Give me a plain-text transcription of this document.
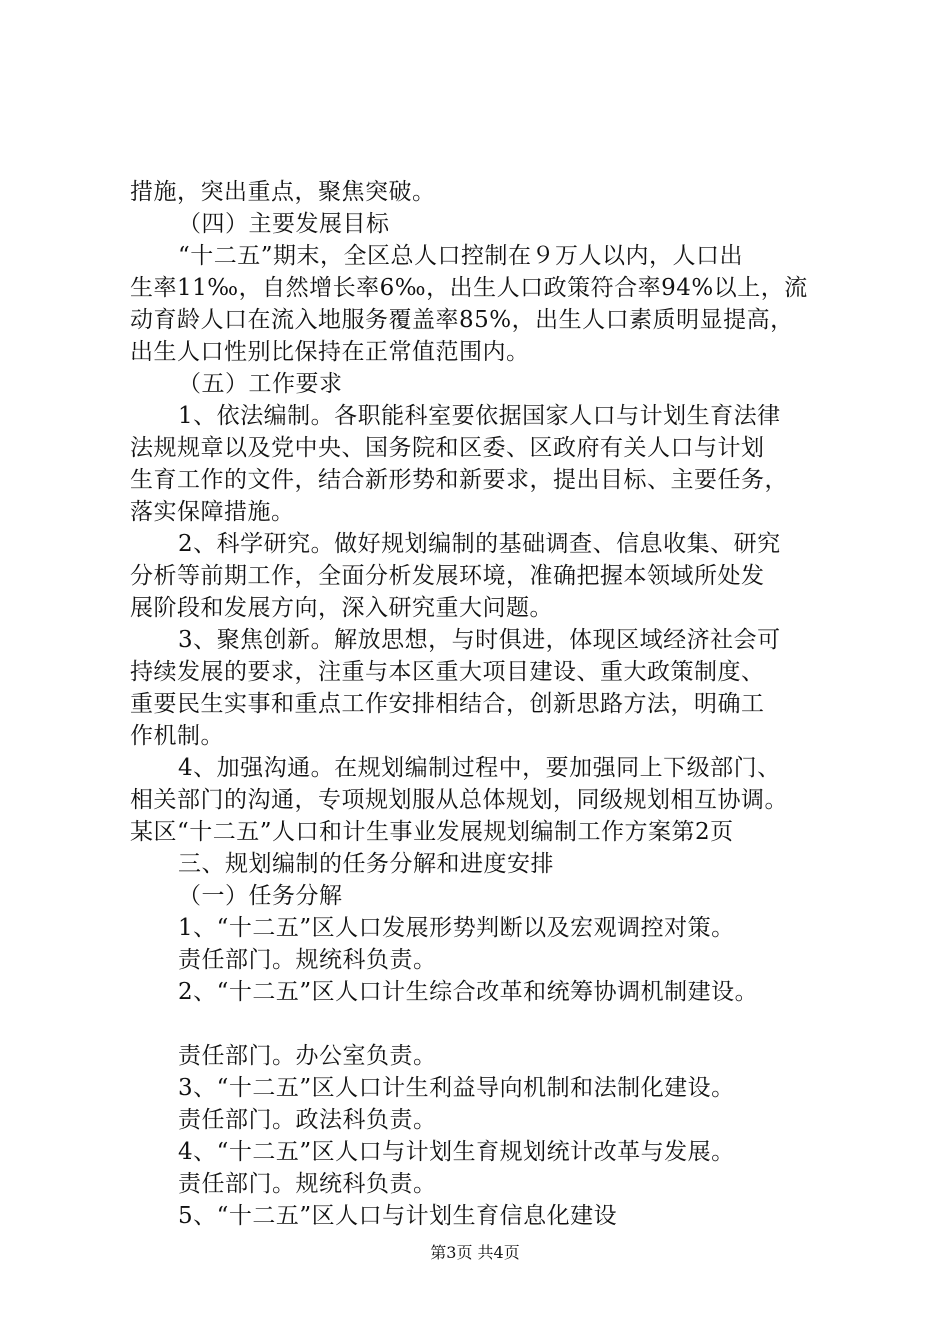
措施，突出重点，聚焦突破。
（四）主要发展目标
“十二五”期末，全区总人口控制在９万人以内，人口出
生率11‰，自然增长率6‰，出生人口政策符合率94%以上，流
动育龄人口在流入地服务覆盖率85%，出生人口素质明显提高，
出生人口性别比保持在正常值范围内。
（五）工作要求
1、依法编制。各职能科室要依据国家人口与计划生育法律
法规规章以及党中央、国务院和区委、区政府有关人口与计划
生育工作的文件，结合新形势和新要求，提出目标、主要任务，
落实保障措施。
2、科学研究。做好规划编制的基础调查、信息收集、研究
分析等前期工作，全面分析发展环境，准确把握本领域所处发
展阶段和发展方向，深入研究重大问题。
3、聚焦创新。解放思想，与时俱进，体现区域经济社会可
持续发展的要求，注重与本区重大项目建设、重大政策制度、
重要民生实事和重点工作安排相结合，创新思路方法，明确工
作机制。
4、加强沟通。在规划编制过程中，要加强同上下级部门、
相关部门的沟通，专项规划服从总体规划，同级规划相互协调。
某区“十二五”人口和计生事业发展规划编制工作方案第2页
三、规划编制的任务分解和进度安排
（一）任务分解
1、“十二五”区人口发展形势判断以及宏观调控对策。
责任部门。规统科负责。
2、“十二五”区人口计生综合改革和统筹协调机制建设。
责任部门。办公室负责。
3、“十二五”区人口计生利益导向机制和法制化建设。
责任部门。政法科负责。
4、“十二五”区人口与计划生育规划统计改革与发展。
责任部门。规统科负责。
5、“十二五”区人口与计划生育信息化建设
第3页 共4页
